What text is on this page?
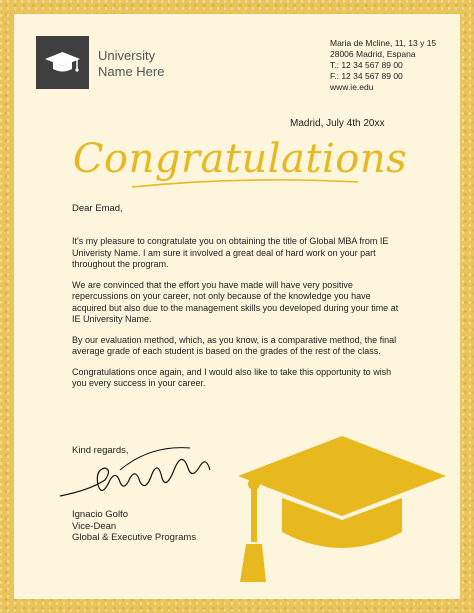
University
Name Here
Maria de Mcline, 11, 13 y 15
28006 Madrid, Espana
T.: 12 34 567 89 00
F.: 12 34 567 89 00
www.ie.edu
Madrid, July 4th 20xx
Congratulations
Dear Emad,

It's my pleasure to congratulate you on obtaining the title of Global MBA from IE Univeristy Name. I am sure it involved a great deal of hard work on your part throughout the program.

We are convinced that the effort you have made will have very positive repercussions on your career, not only because of the knowledge you have acquired but also due to the management skills you developed during your time at IE University Name.

By our evaluation method, which, as you know, is a comparative method, the final average grade of each student is based on the grades of the rest of the class.

Congratulations once again, and I would also like to take this opportunity to wish you every success in your career.

Kind regards,
Ignacio Golfo
Vice-Dean
Global & Executive Programs
